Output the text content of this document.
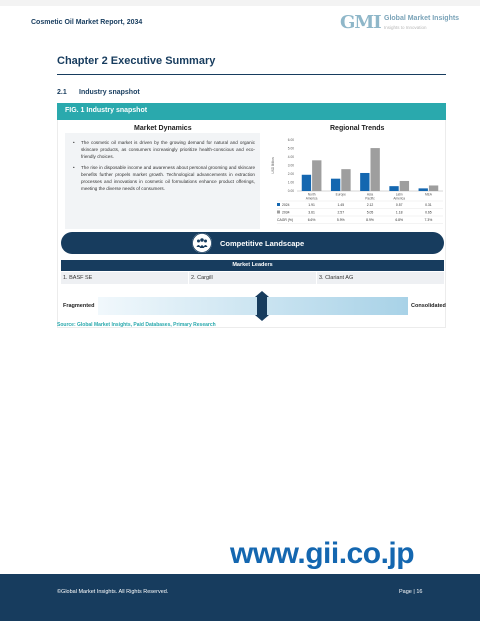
Cosmetic Oil Market Report, 2034	GMI Global Market Insights
Insights to Innovation
Chapter 2 Executive Summary
2.1 Industry snapshot
FIG. 1 Industry snapshot
Market Dynamics	Regional Trends
• The cosmetic oil market is driven by the growing demand for natural and organic skincare products, as consumers increasingly prioritize health-conscious and eco-friendly choices.
• The rise in disposable income and awareness about personal grooming and skincare benefits further propels market growth. Technological advancements in extraction processes and innovations in cosmetic oil formulations enhance product offerings, meeting the diverse needs of consumers.
USD Billion
0.00
1.00
2.00
3.00
4.00
5.00
6.00
North
America
Europe	Asia
Pacific
Latin
America
MEA
2024	1.91	1.45	2.12	0.57	0.31
2034	3.61	2.57	5.05	1.18	0.65
CAGR (%)	6.6%	5.9%	8.9%	6.8%	7.3%
Competitive Landscape
Market Leaders
1. BASF SE	2. Cargill	3. Clariant AG
Fragmented	Consolidated
Source: Global Market Insights, Paid Databases, Primary Research
www.gii.co.jp
©Global Market Insights. All Rights Reserved.	Page | 16
